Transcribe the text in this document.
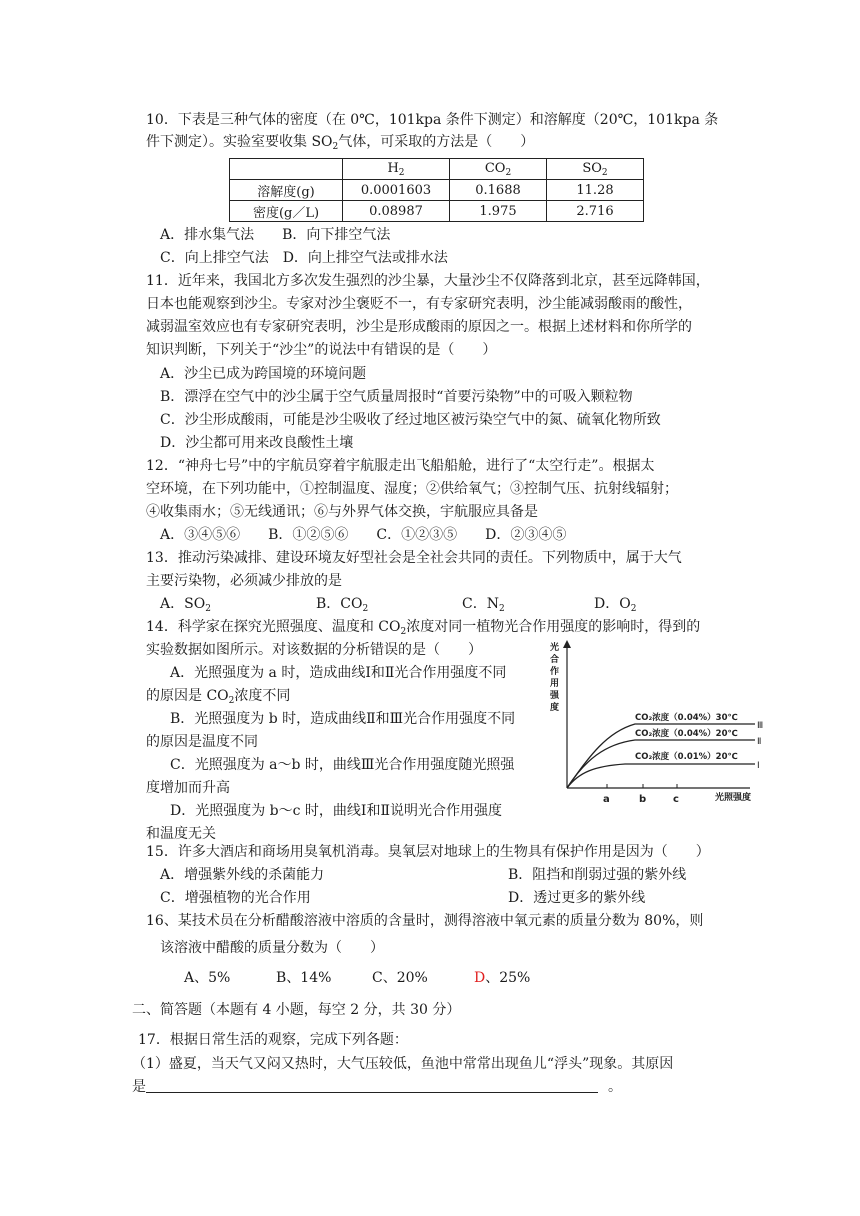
10．下表是三种气体的密度（在 0℃，101kpa 条件下测定）和溶解度（20℃，101kpa 条
件下测定）。实验室要收集 $SO_2$气体，可采取的方法是（　　）
	$H_2$	$CO_2$	$SO_2$
溶解度(g)	0.0001603	0.1688	11.28
密度(g／L)	0.08987	1.975	2.716
A．排水集气法　　B．向下排空气法
C．向上排空气法　D．向上排空气法或排水法
11．近年来，我国北方多次发生强烈的沙尘暴，大量沙尘不仅降落到北京，甚至远降韩国，
日本也能观察到沙尘。专家对沙尘褒贬不一，有专家研究表明，沙尘能减弱酸雨的酸性，
减弱温室效应也有专家研究表明，沙尘是形成酸雨的原因之一。根据上述材料和你所学的
知识判断，下列关于“沙尘”的说法中有错误的是（　　）
A．沙尘已成为跨国境的环境问题
B．漂浮在空气中的沙尘属于空气质量周报时“首要污染物”中的可吸入颗粒物
C．沙尘形成酸雨，可能是沙尘吸收了经过地区被污染空气中的氮、硫氧化物所致
D．沙尘都可用来改良酸性土壤
12．“神舟七号”中的宇航员穿着宇航服走出飞船船舱，进行了“太空行走”。根据太
空环境，在下列功能中，①控制温度、湿度；②供给氧气；③控制气压、抗射线辐射；
④收集雨水；⑤无线通讯；⑥与外界气体交换，宇航服应具备是
A．③④⑤⑥　　B．①②⑤⑥　　C．①②③⑤　　D．②③④⑤
13．推动污染减排、建设环境友好型社会是全社会共同的责任。下列物质中，属于大气
主要污染物，必须减少排放的是
A．$SO_2$	B．$CO_2$	C．$N_2$	D．$O_2$
14．科学家在探究光照强度、温度和 $CO_2$浓度对同一植物光合作用强度的影响时，得到的
实验数据如图所示。对该数据的分析错误的是（　　）
A．光照强度为 a 时，造成曲线Ⅰ和Ⅱ光合作用强度不同
的原因是 $CO_2$浓度不同
B．光照强度为 b 时，造成曲线Ⅱ和Ⅲ光合作用强度不同
的原因是温度不同
C．光照强度为 a～b 时，曲线Ⅲ光合作用强度随光照强
度增加而升高
D．光照强度为 b～c 时，曲线Ⅰ和Ⅱ说明光合作用强度
和温度无关
光合作用强度
a	b	c	光照强度
CO₂浓度（0.04%）30℃
CO₂浓度（0.04%）20℃
CO₂浓度（0.01%）20℃
Ⅲ
Ⅱ
Ⅰ
15．许多大酒店和商场用臭氧机消毒。臭氧层对地球上的生物具有保护作用是因为（　　）
A．增强紫外线的杀菌能力	B．阻挡和削弱过强的紫外线
C．增强植物的光合作用	D．透过更多的紫外线
16、某技术员在分析醋酸溶液中溶质的含量时，测得溶液中氧元素的质量分数为 80%，则
该溶液中醋酸的质量分数为（　　）
A、5%	B、14%	C、20%	D、25%
二、简答题（本题有 4 小题，每空 2 分，共 30 分）
17．根据日常生活的观察，完成下列各题：
（1）盛夏，当天气又闷又热时，大气压较低，鱼池中常常出现鱼儿“浮头”现象。其原因
是	。
